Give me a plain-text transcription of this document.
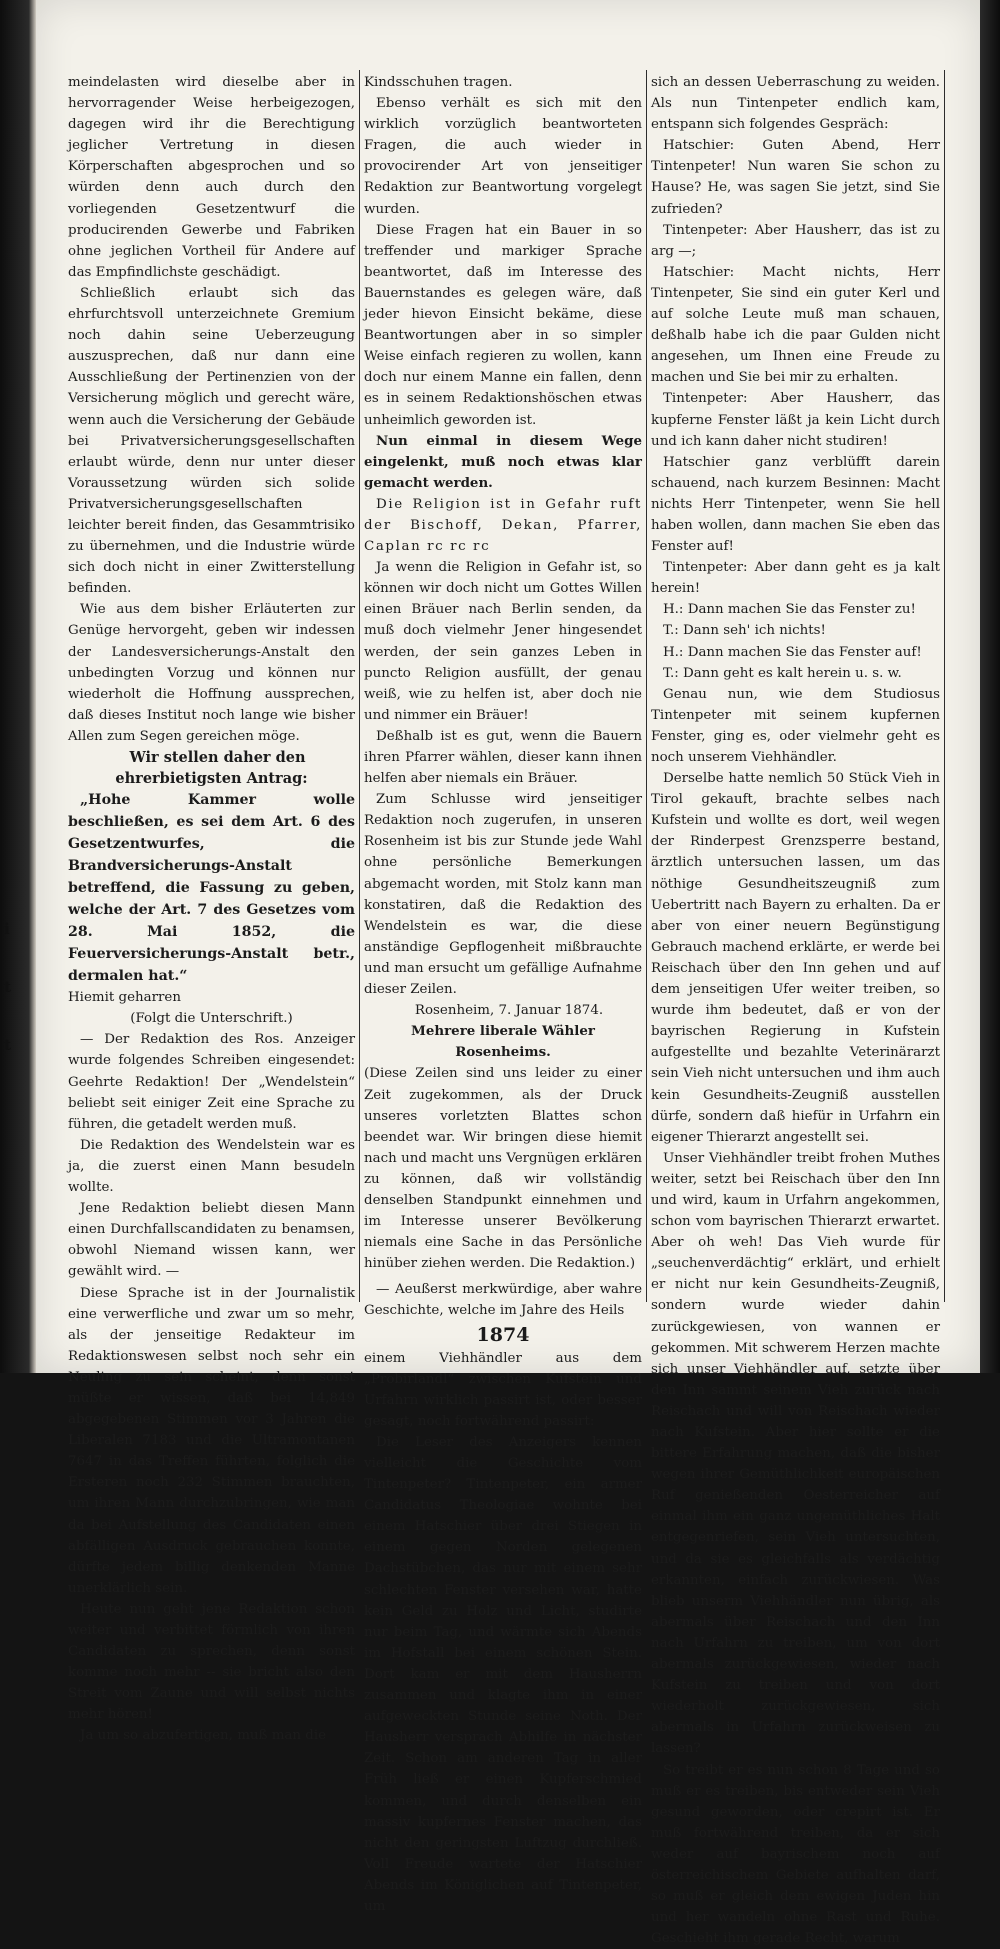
i
t
t

meindelasten wird dieselbe aber in hervorragender Weise herbeigezogen, dagegen wird ihr die Berechtigung jeglicher Vertretung in diesen Körperschaften abgesprochen und so würden denn auch durch den vorliegenden Gesetzentwurf die producirenden Gewerbe und Fabriken ohne jeglichen Vortheil für Andere auf das Empfindlichste geschädigt.

Schließlich erlaubt sich das ehrfurchtsvoll unterzeichnete Gremium noch dahin seine Ueberzeugung auszusprechen, daß nur dann eine Ausschließung der Pertinenzien von der Versicherung möglich und gerecht wäre, wenn auch die Versicherung der Gebäude bei Privatversicherungsgesellschaften erlaubt würde, denn nur unter dieser Voraussetzung würden sich solide Privatversicherungsgesellschaften leichter bereit finden, das Gesammtrisiko zu übernehmen, und die Industrie würde sich doch nicht in einer Zwitterstellung befinden.

Wie aus dem bisher Erläuterten zur Genüge hervorgeht, geben wir indessen der Landesversicherungs-Anstalt den unbedingten Vorzug und können nur wiederholt die Hoffnung aussprechen, daß dieses Institut noch lange wie bisher Allen zum Segen gereichen möge.

Wir stellen daher den ehrerbietigsten Antrag:

„Hohe Kammer wolle beschließen, es sei dem Art. 6 des Gesetzentwurfes, die Brandversicherungs-Anstalt betreffend, die Fassung zu geben, welche der Art. 7 des Gesetzes vom 28. Mai 1852, die Feuerversicherungs-Anstalt betr., dermalen hat.“

Hiemit geharren

(Folgt die Unterschrift.)

— Der Redaktion des Ros. Anzeiger wurde folgendes Schreiben eingesendet: Geehrte Redaktion! Der „Wendelstein“ beliebt seit einiger Zeit eine Sprache zu führen, die getadelt werden muß.

Die Redaktion des Wendelstein war es ja, die zuerst einen Mann besudeln wollte.

Jene Redaktion beliebt diesen Mann einen Durchfallscandidaten zu benamsen, obwohl Niemand wissen kann, wer gewählt wird. —

Diese Sprache ist in der Journalistik eine verwerfliche und zwar um so mehr, als der jenseitige Redakteur im Redaktionswesen selbst noch sehr ein Neuling zu sein scheint, denn sonst müßte er wissen, daß bei 14,849 abgegebenen Stimmen vor 3 Jahren die Liberalen 7183 und die Ultramontanen 7647 in das Treffen führten, folglich die Ersteren noch 232 Stimmen brauchten, um ihren Mann durchzubringen, wie man da bei Aufstellung des Candidaten einen abfälligen Ausdruck gebrauchen konnte, dürfte jedem billig denkenden Manne unerklärlich sein.

Heute nun geht jene Redaktion schon weiter und verbittet förmlich von ihren Candidaten zu sprechen, denn sonst komme noch mehr -- sie bricht also den Streit vom Zaune und will selbst nichts mehr hören!

Ja um so abzufertigen, muß man die

Kindsschuhen tragen.

Ebenso verhält es sich mit den wirklich vorzüglich beantworteten Fragen, die auch wieder in provocirender Art von jenseitiger Redaktion zur Beantwortung vorgelegt wurden.

Diese Fragen hat ein Bauer in so treffender und markiger Sprache beantwortet, daß im Interesse des Bauernstandes es gelegen wäre, daß jeder hievon Einsicht bekäme, diese Beantwortungen aber in so simpler Weise einfach regieren zu wollen, kann doch nur einem Manne ein fallen, denn es in seinem Redaktionshöschen etwas unheimlich geworden ist.

Nun einmal in diesem Wege eingelenkt, muß noch etwas klar gemacht werden.

Die Religion ist in Gefahr ruft der Bischoff, Dekan, Pfarrer, Caplan rc rc rc

Ja wenn die Religion in Gefahr ist, so können wir doch nicht um Gottes Willen einen Bräuer nach Berlin senden, da muß doch vielmehr Jener hingesendet werden, der sein ganzes Leben in puncto Religion ausfüllt, der genau weiß, wie zu helfen ist, aber doch nie und nimmer ein Bräuer!

Deßhalb ist es gut, wenn die Bauern ihren Pfarrer wählen, dieser kann ihnen helfen aber niemals ein Bräuer.

Zum Schlusse wird jenseitiger Redaktion noch zugerufen, in unseren Rosenheim ist bis zur Stunde jede Wahl ohne persönliche Bemerkungen abgemacht worden, mit Stolz kann man konstatiren, daß die Redaktion des Wendelstein es war, die diese anständige Gepflogenheit mißbrauchte und man ersucht um gefällige Aufnahme dieser Zeilen.

Rosenheim, 7. Januar 1874.

Mehrere liberale Wähler Rosenheims.

(Diese Zeilen sind uns leider zu einer Zeit zugekommen, als der Druck unseres vorletzten Blattes schon beendet war. Wir bringen diese hiemit nach und macht uns Vergnügen erklären zu können, daß wir vollständig denselben Standpunkt einnehmen und im Interesse unserer Bevölkerung niemals eine Sache in das Persönliche hinüber ziehen werden. Die Redaktion.)

— Aeußerst merkwürdige, aber wahre Geschichte, welche im Jahre des Heils

1874

einem Viehhändler aus dem „Probirlandl“ zwischen Kufstein und Urfahrn wirklich passirt ist, oder besser gesagt, noch fortwährend passirt:

Die Leser des Anzeigers kennen vielleicht die Geschichte vom Tintenpeter? Tintenpeter, ein armer Candidatus Theologiae wohnte bei einem Hatschier über drei Stiegen in einem gegen Norden gelegenen Dachstübchen, das nur mit einem sehr schlechten Fenster versehen war, hatte kein Geld zu Holz und Licht, studirte nur beim Tag, und wärmte sich Abends im Hofstall bei einem schönen Stein. Dort kam er mit dem Hausherrn zusammen und klagte ihm in einer aufgeweckten Stunde seine Noth. Der Hausherr versprach Abhilfe in nächster Zeit. Schon am anderen Tag in aller Früh ließ er einen Kupferschmied kommen, und durch denselben ein massiv kupfernes Fenster machen, das nicht den geringsten Luftzug durchließ. Voll Freude wartete der Hatschier Abends im Königlichen auf Tintenpeter, um

sich an dessen Ueberraschung zu weiden. Als nun Tintenpeter endlich kam, entspann sich folgendes Gespräch:

Hatschier: Guten Abend, Herr Tintenpeter! Nun waren Sie schon zu Hause? He, was sagen Sie jetzt, sind Sie zufrieden?

Tintenpeter: Aber Hausherr, das ist zu arg —;

Hatschier: Macht nichts, Herr Tintenpeter, Sie sind ein guter Kerl und auf solche Leute muß man schauen, deßhalb habe ich die paar Gulden nicht angesehen, um Ihnen eine Freude zu machen und Sie bei mir zu erhalten.

Tintenpeter: Aber Hausherr, das kupferne Fenster läßt ja kein Licht durch und ich kann daher nicht studiren!

Hatschier ganz verblüfft darein schauend, nach kurzem Besinnen: Macht nichts Herr Tintenpeter, wenn Sie hell haben wollen, dann machen Sie eben das Fenster auf!

Tintenpeter: Aber dann geht es ja kalt herein!

H.: Dann machen Sie das Fenster zu!

T.: Dann seh' ich nichts!

H.: Dann machen Sie das Fenster auf!

T.: Dann geht es kalt herein u. s. w.

Genau nun, wie dem Studiosus Tintenpeter mit seinem kupfernen Fenster, ging es, oder vielmehr geht es noch unserem Viehhändler.

Derselbe hatte nemlich 50 Stück Vieh in Tirol gekauft, brachte selbes nach Kufstein und wollte es dort, weil wegen der Rinderpest Grenzsperre bestand, ärztlich untersuchen lassen, um das nöthige Gesundheitszeugniß zum Uebertritt nach Bayern zu erhalten. Da er aber von einer neuern Begünstigung Gebrauch machend erklärte, er werde bei Reischach über den Inn gehen und auf dem jenseitigen Ufer weiter treiben, so wurde ihm bedeutet, daß er von der bayrischen Regierung in Kufstein aufgestellte und bezahlte Veterinärarzt sein Vieh nicht untersuchen und ihm auch kein Gesundheits-Zeugniß ausstellen dürfe, sondern daß hiefür in Urfahrn ein eigener Thierarzt angestellt sei.

Unser Viehhändler treibt frohen Muthes weiter, setzt bei Reischach über den Inn und wird, kaum in Urfahrn angekommen, schon vom bayrischen Thierarzt erwartet. Aber oh weh! Das Vieh wurde für „seuchenverdächtig“ erklärt, und erhielt er nicht nur kein Gesundheits-Zeugniß, sondern wurde wieder dahin zurückgewiesen, von wannen er gekommen. Mit schwerem Herzen machte sich unser Viehhändler auf, setzte über den Inn sammt seinem Vieh zurück nach Reischach und will von Reischach wieder nach Kufstein. Aber hier sollte er die bittere Erfahrung machen, daß die bisher wegen ihrer Gemüthlichkeit europäischen Ruf genießenden Oesterreicher auf einmal ihm ein ganz ungemüthliches Halt entgegenriefen, sein Vieh untersuchten, und da sie es gleichfalls als verdächtig erkannten, einfach zurückwiesen. Was blieb unserm Viehhändler nun übrig, als abermals über Reischach und den Inn nach Urfahrn zu treiben, um von dort abermals zurückgewiesen, wieder nach Kufstein zu treiben und von dort wiederholt zurückgewiesen, sich abermals in Urfahrn zurückweisen zu lassen?

So treibt er es nun schon 8 Tage und so muß er es treiben, bis entweder sein Vieh gesund geworden, oder crepirt ist. Er muß fortwährend treiben, da er sich weder auf bayrischem noch auf österreichischem Gebiete aufhalten darf, so muß er gleich dem ewigen Juden hin und her wandeln ohne Rast und Ruhe. Geschieht ihm gerade Recht, warum
